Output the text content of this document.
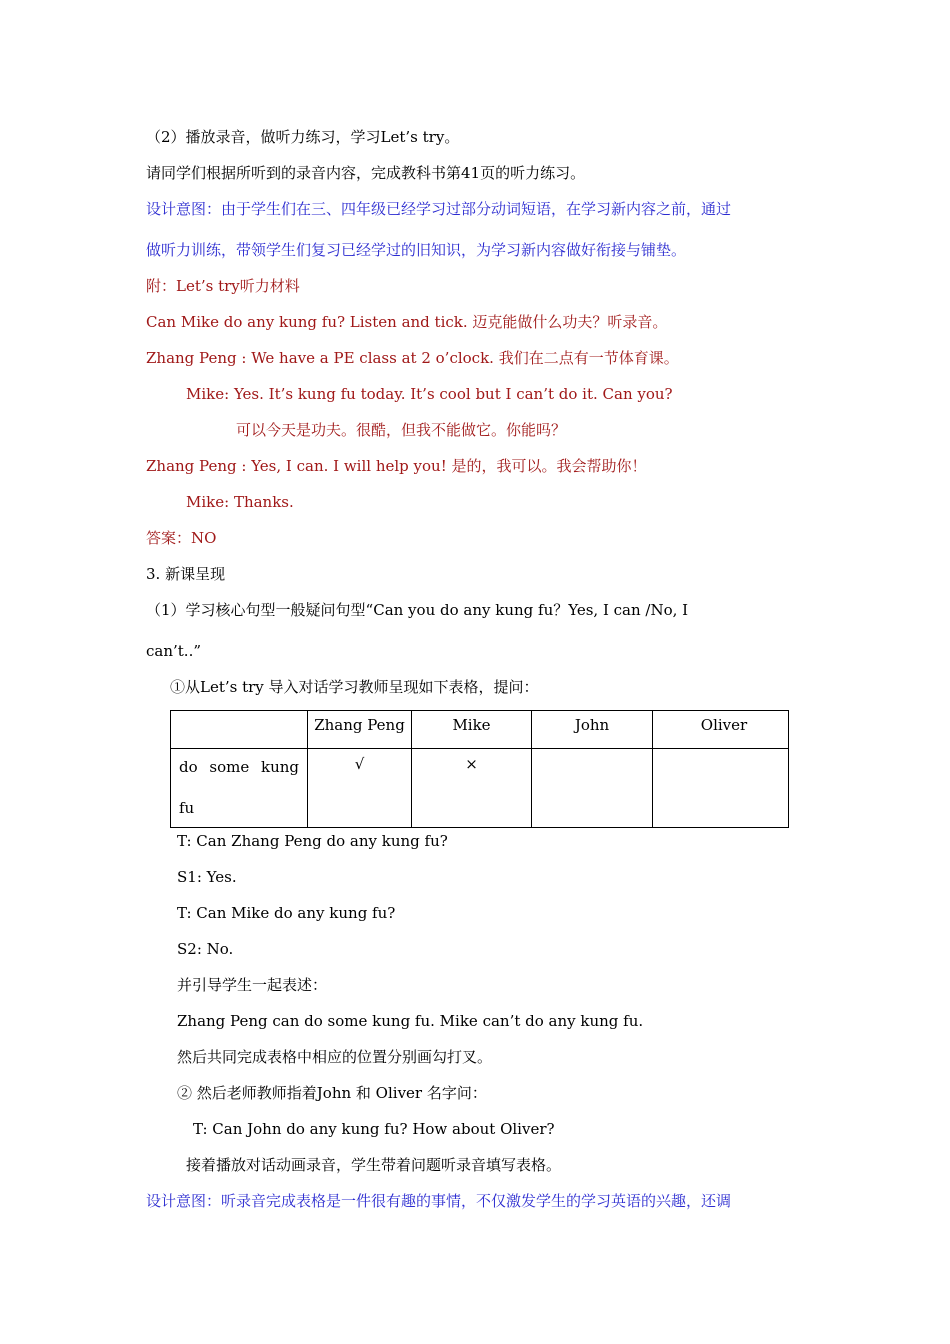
（2）播放录音，做听力练习，学习Let’s try。
请同学们根据所听到的录音内容，完成教科书第41页的听力练习。
设计意图：由于学生们在三、四年级已经学习过部分动词短语，在学习新内容之前，通过
做听力训练，带领学生们复习已经学过的旧知识，为学习新内容做好衔接与铺垫。
附：Let’s try听力材料
Can Mike do any kung fu? Listen and tick. 迈克能做什么功夫？听录音。
Zhang Peng : We have a PE class at 2 o’clock. 我们在二点有一节体育课。
Mike: Yes. It’s kung fu today. It’s cool but I can’t do it. Can you?
可以今天是功夫。很酷，但我不能做它。你能吗？
Zhang Peng : Yes, I can. I will help you! 是的，我可以。我会帮助你！
Mike: Thanks.
答案：NO
3. 新课呈现
（1）学习核心句型一般疑问句型“Can you do any kung fu？Yes, I can /No, I
can’t..”
①从Let’s try 导入对话学习教师呈现如下表格，提问：
	Zhang Peng	Mike	John	Oliver

do some kung
fu	√	×		

T: Can Zhang Peng do any kung fu?
S1: Yes.
T: Can Mike do any kung fu?
S2: No.
并引导学生一起表述：
Zhang Peng can do some kung fu. Mike can’t do any kung fu.
然后共同完成表格中相应的位置分别画勾打叉。
② 然后老师教师指着John 和 Oliver 名字问：
T: Can John do any kung fu? How about Oliver?
接着播放对话动画录音，学生带着问题听录音填写表格。
设计意图：听录音完成表格是一件很有趣的事情，不仅激发学生的学习英语的兴趣，还调
